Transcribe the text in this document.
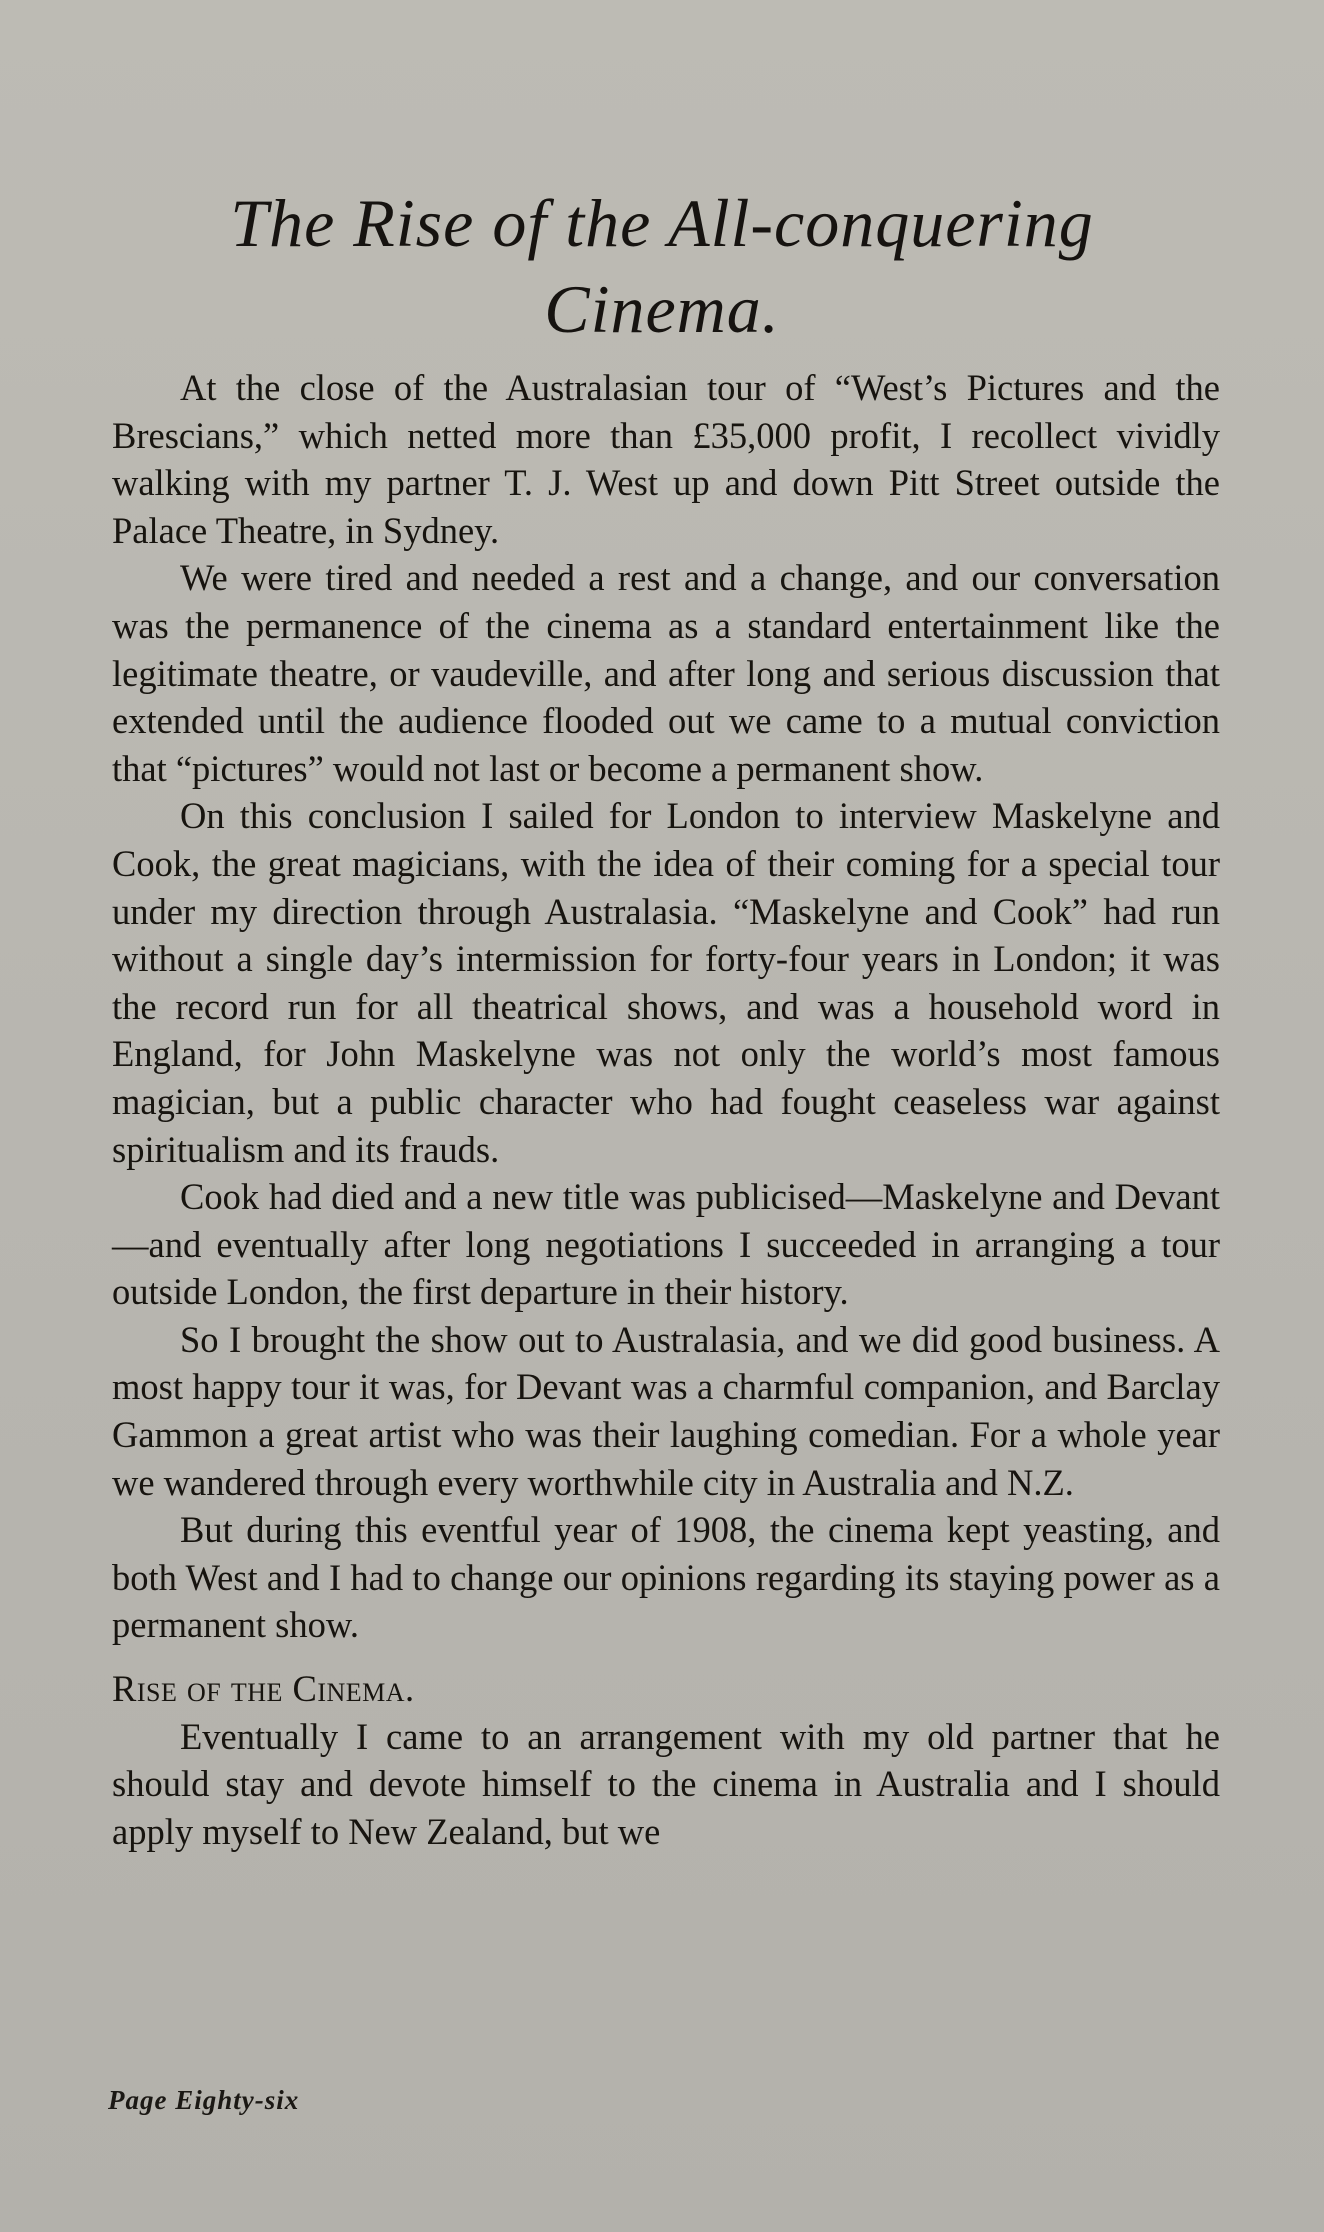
The Rise of the All-conquering
Cinema.

At the close of the Australasian tour of “West’s Pictures and the Brescians,” which netted more than £35,000 profit, I recollect vividly walking with my partner T. J. West up and down Pitt Street outside the Palace Theatre, in Sydney.

We were tired and needed a rest and a change, and our conversation was the permanence of the cinema as a standard entertainment like the legitimate theatre, or vaudeville, and after long and serious discussion that extended until the audience flooded out we came to a mutual conviction that “pictures” would not last or become a permanent show.

On this conclusion I sailed for London to interview Maskelyne and Cook, the great magicians, with the idea of their coming for a special tour under my direction through Australasia. “Maskelyne and Cook” had run without a single day’s intermission for forty-four years in London; it was the record run for all theatrical shows, and was a household word in England, for John Maskelyne was not only the world’s most famous magician, but a public character who had fought ceaseless war against spiritualism and its frauds.

Cook had died and a new title was publicised—Maskelyne and Devant—and eventually after long negotiations I succeeded in arranging a tour outside London, the first departure in their history.

So I brought the show out to Australasia, and we did good business. A most happy tour it was, for Devant was a charmful companion, and Barclay Gammon a great artist who was their laughing comedian. For a whole year we wandered through every worthwhile city in Australia and N.Z.

But during this eventful year of 1908, the cinema kept yeasting, and both West and I had to change our opinions regarding its staying power as a permanent show.

Rise of the Cinema.

Eventually I came to an arrangement with my old partner that he should stay and devote himself to the cinema in Australia and I should apply myself to New Zealand, but we

Page Eighty-six
